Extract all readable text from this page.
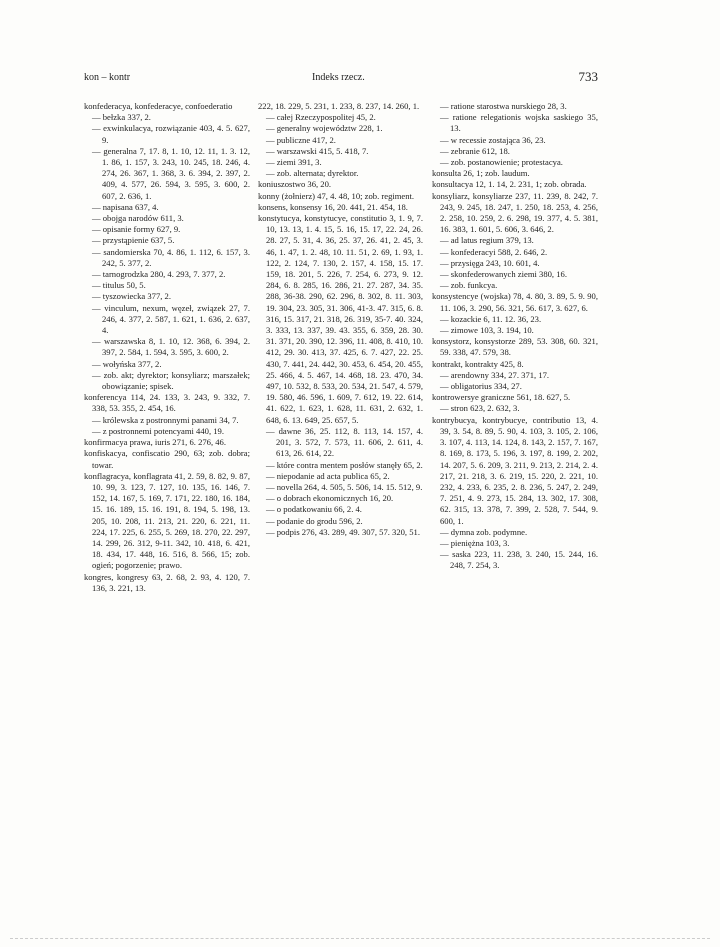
kon – kontr	Indeks rzecz.	733
konfederacya, konfederacye, confoederatio
— bełzka 337, 2.
— exwinkulacya, rozwiązanie 403, 4. 5. 627, 9.
— generalna 7, 17. 8, 1. 10, 12. 11, 1. 3. 12, 1. 86, 1. 157, 3. 243, 10. 245, 18. 246, 4. 274, 26. 367, 1. 368, 3. 6. 394, 2. 397, 2. 409, 4. 577, 26. 594, 3. 595, 3. 600, 2. 607, 2. 636, 1.
— napisana 637, 4.
— obojga narodów 611, 3.
— opisanie formy 627, 9.
— przystąpienie 637, 5.
— sandomierska 70, 4. 86, 1. 112, 6. 157, 3. 242, 5. 377, 2.
— tarnogrodzka 280, 4. 293, 7. 377, 2.
— titulus 50, 5.
— tyszowiecka 377, 2.
— vinculum, nexum, węzeł, związek 27, 7. 246, 4. 377, 2. 587, 1. 621, 1. 636, 2. 637, 4.
— warszawska 8, 1. 10, 12. 368, 6. 394, 2. 397, 2. 584, 1. 594, 3. 595, 3. 600, 2.
— wołyńska 377, 2.
— zob. akt; dyrektor; konsyliarz; marszałek; obowiązanie; spisek.
konferencya 114, 24. 133, 3. 243, 9. 332, 7. 338, 53. 355, 2. 454, 16.
— królewska z postronnymi panami 34, 7.
— z postronnemi potencyami 440, 19.
konfirmacya prawa, iuris 271, 6. 276, 46.
konfiskacya, confiscatio 290, 63; zob. dobra; towar.
konflagracya, konflagrata 41, 2. 59, 8. 82, 9. 87, 10. 99, 3. 123, 7. 127, 10. 135, 16. 146, 7. 152, 14. 167, 5. 169, 7. 171, 22. 180, 16. 184, 15. 16. 189, 15. 16. 191, 8. 194, 5. 198, 13. 205, 10. 208, 11. 213, 21. 220, 6. 221, 11. 224, 17. 225, 6. 255, 5. 269, 18. 270, 22. 297, 14. 299, 26. 312, 9-11. 342, 10. 418, 6. 421, 18. 434, 17. 448, 16. 516, 8. 566, 15; zob. ogień; pogorzenie; prawo.
kongres, kongresy 63, 2. 68, 2. 93, 4. 120, 7. 136, 3. 221, 13.
222, 18. 229, 5. 231, 1. 233, 8. 237, 14. 260, 1.
— całej Rzeczypospolitej 45, 2.
— generalny województw 228, 1.
— publiczne 417, 2.
— warszawski 415, 5. 418, 7.
— ziemi 391, 3.
— zob. alternata; dyrektor.
koniuszostwo 36, 20.
konny (żołnierz) 47, 4. 48, 10; zob. regiment.
konsens, konsensy 16, 20. 441, 21. 454, 18.
konstytucya, konstytucye, constitutio 3, 1. 9, 7. 10, 13. 13, 1. 4. 15, 5. 16, 15. 17, 22. 24, 26. 28. 27, 5. 31, 4. 36, 25. 37, 26. 41, 2. 45, 3. 46, 1. 47, 1. 2. 48, 10. 11. 51, 2. 69, 1. 93, 1. 122, 2. 124, 7. 130, 2. 157, 4. 158, 15. 17. 159, 18. 201, 5. 226, 7. 254, 6. 273, 9. 12. 284, 6. 8. 285, 16. 286, 21. 27. 287, 34. 35. 288, 36-38. 290, 62. 296, 8. 302, 8. 11. 303, 19. 304, 23. 305, 31. 306, 41-3. 47. 315, 6. 8. 316, 15. 317, 21. 318, 26. 319, 35-7. 40. 324, 3. 333, 13. 337, 39. 43. 355, 6. 359, 28. 30. 31. 371, 20. 390, 12. 396, 11. 408, 8. 410, 10. 412, 29. 30. 413, 37. 425, 6. 7. 427, 22. 25. 430, 7. 441, 24. 442, 30. 453, 6. 454, 20. 455, 25. 466, 4. 5. 467, 14. 468, 18. 23. 470, 34. 497, 10. 532, 8. 533, 20. 534, 21. 547, 4. 579, 19. 580, 46. 596, 1. 609, 7. 612, 19. 22. 614, 41. 622, 1. 623, 1. 628, 11. 631, 2. 632, 1. 648, 6. 13. 649, 25. 657, 5.
— dawne 36, 25. 112, 8. 113, 14. 157, 4. 201, 3. 572, 7. 573, 11. 606, 2. 611, 4. 613, 26. 614, 22.
— które contra mentem posłów stanęły 65, 2.
— niepodanie ad acta publica 65, 2.
— novella 264, 4. 505, 5. 506, 14. 15. 512, 9.
— o dobrach ekonomicznych 16, 20.
— o podatkowaniu 66, 2. 4.
— podanie do grodu 596, 2.
— podpis 276, 43. 289, 49. 307, 57. 320, 51.
— ratione starostwa nurskiego 28, 3.
— ratione relegationis wojska saskiego 35, 13.
— w recessie zostająca 36, 23.
— zebranie 612, 18.
— zob. postanowienie; protestacya.
konsulta 26, 1; zob. laudum.
konsultacya 12, 1. 14, 2. 231, 1; zob. obrada.
konsyliarz, konsyliarze 237, 11. 239, 8. 242, 7. 243, 9. 245, 18. 247, 1. 250, 18. 253, 4. 256, 2. 258, 10. 259, 2. 6. 298, 19. 377, 4. 5. 381, 16. 383, 1. 601, 5. 606, 3. 646, 2.
— ad latus regium 379, 13.
— konfederacyi 588, 2. 646, 2.
— przysięga 243, 10. 601, 4.
— skonfederowanych ziemi 380, 16.
— zob. funkcya.
konsystencye (wojska) 78, 4. 80, 3. 89, 5. 9. 90, 11. 106, 3. 290, 56. 321, 56. 617, 3. 627, 6.
— kozackie 6, 11. 12. 36, 23.
— zimowe 103, 3. 194, 10.
konsystorz, konsystorze 289, 53. 308, 60. 321, 59. 338, 47. 579, 38.
kontrakt, kontrakty 425, 8.
— arendowny 334, 27. 371, 17.
— obligatorius 334, 27.
kontrowersye graniczne 561, 18. 627, 5.
— stron 623, 2. 632, 3.
kontrybucya, kontrybucye, contributio 13, 4. 39, 3. 54, 8. 89, 5. 90, 4. 103, 3. 105, 2. 106, 3. 107, 4. 113, 14. 124, 8. 143, 2. 157, 7. 167, 8. 169, 8. 173, 5. 196, 3. 197, 8. 199, 2. 202, 14. 207, 5. 6. 209, 3. 211, 9. 213, 2. 214, 2. 4. 217, 21. 218, 3. 6. 219, 15. 220, 2. 221, 10. 232, 4. 233, 6. 235, 2. 8. 236, 5. 247, 2. 249, 7. 251, 4. 9. 273, 15. 284, 13. 302, 17. 308, 62. 315, 13. 378, 7. 399, 2. 528, 7. 544, 9. 600, 1.
— dymna zob. podymne.
— pieniężna 103, 3.
— saska 223, 11. 238, 3. 240, 15. 244, 16. 248, 7. 254, 3.
